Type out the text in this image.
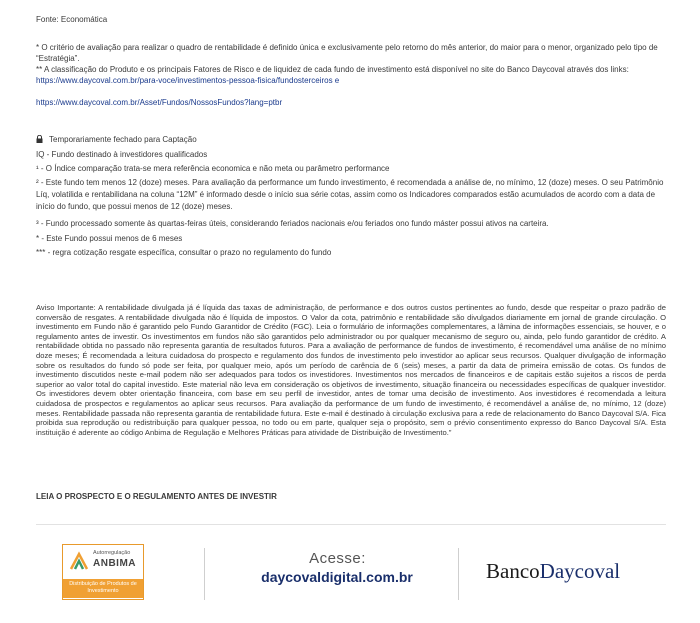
Fonte: Economática

* O critério de avaliação para realizar o quadro de rentabilidade é definido única e exclusivamente pelo retorno do mês anterior, do maior para o menor, organizado pelo tipo de “Estratégia”.

** A classificação do Produto e os principais Fatores de Risco e de liquidez de cada fundo de investimento está disponível no site do Banco Daycoval através dos links: https://www.daycoval.com.br/para-voce/investimentos-pessoa-fisica/fundosterceiros e

https://www.daycoval.com.br/Asset/Fundos/NossosFundos?lang=ptbr

Temporariamente fechado para Captação

IQ - Fundo destinado à investidores qualificados

¹ - O Índice comparação trata-se mera referência economica e não meta ou parâmetro performance

² - Este fundo tem menos 12 (doze) meses. Para avaliação da performance um fundo investimento, é recomendada a análise de, no mínimo, 12 (doze) meses. O seu Patrimônio Líq, volatilida e rentabilidana na coluna “12M” é informado desde o início sua série cotas, assim como os Indicadores comparados estão acumulados de acordo com a data de início do fundo, que possui menos de 12 (doze) meses.

³ - Fundo processado somente às quartas-feiras úteis, considerando feriados nacionais e/ou feriados ono fundo máster possui ativos na carteira.

* - Este Fundo possui menos de 6 meses

*** - regra cotização resgate específica, consultar o prazo no regulamento do fundo

Aviso Importante: A rentabilidade divulgada já é líquida das taxas de administração, de performance e dos outros custos pertinentes ao fundo, desde que respeitar o prazo padrão de conversão de resgates. A rentabilidade divulgada não é líquida de impostos. O Valor da cota, patrimônio e rentabilidade são divulgados diariamente em jornal de grande circulação. O investimento em Fundo não é garantido pelo Fundo Garantidor de Crédito (FGC). Leia o formulário de informações complementares, a lâmina de informações essenciais, se houver, e o regulamento antes de investir. Os investimentos em fundos não são garantidos pelo administrador ou por qualquer mecanismo de seguro ou, ainda, pelo fundo garantidor de crédito. A rentabilidade obtida no passado não representa garantia de resultados futuros. Para a avaliação de performance de fundos de investimento, é recomendável uma análise de no mínimo doze meses; É recomendada a leitura cuidadosa do prospecto e regulamento dos fundos de investimento pelo investidor ao aplicar seus recursos. Qualquer divulgação de informação sobre os resultados do fundo só pode ser feita, por qualquer meio, após um período de carência de 6 (seis) meses, a partir da data de primeira emissão de cotas. Os fundos de investimento discutidos neste e-mail podem não ser adequados para todos os investidores. Investimentos nos mercados de financeiros e de capitais estão sujeitos a riscos de perda superior ao valor total do capital investido. Este material não leva em consideração os objetivos de investimento, situação financeira ou necessidades específicas de qualquer investidor. Os investidores devem obter orientação financeira, com base em seu perfil de investidor, antes de tomar uma decisão de investimento. Aos investidores é recomendada a leitura cuidadosa de prospectos e regulamentos ao aplicar seus recursos. Para avaliação da performance de um fundo de investimento, é recomendável a análise de, no mínimo, 12 (doze) meses. Rentabilidade passada não representa garantia de rentabilidade futura. Este e-mail é destinado à circulação exclusiva para a rede de relacionamento do Banco Daycoval S/A. Fica proibida sua reprodução ou redistribuição para qualquer pessoa, no todo ou em parte, qualquer seja o propósito, sem o prévio consentimento expresso do Banco Daycoval S/A. Esta instituição é aderente ao código Anbima de Regulação e Melhores Práticas para atividade de Distribuição de Investimento.”

LEIA O PROSPECTO E O REGULAMENTO ANTES DE INVESTIR

Autorregulação
ANBIMA
Distribuição de Produtos de Investimento
Acesse:
daycovaldigital.com.br	BancoDaycoval
